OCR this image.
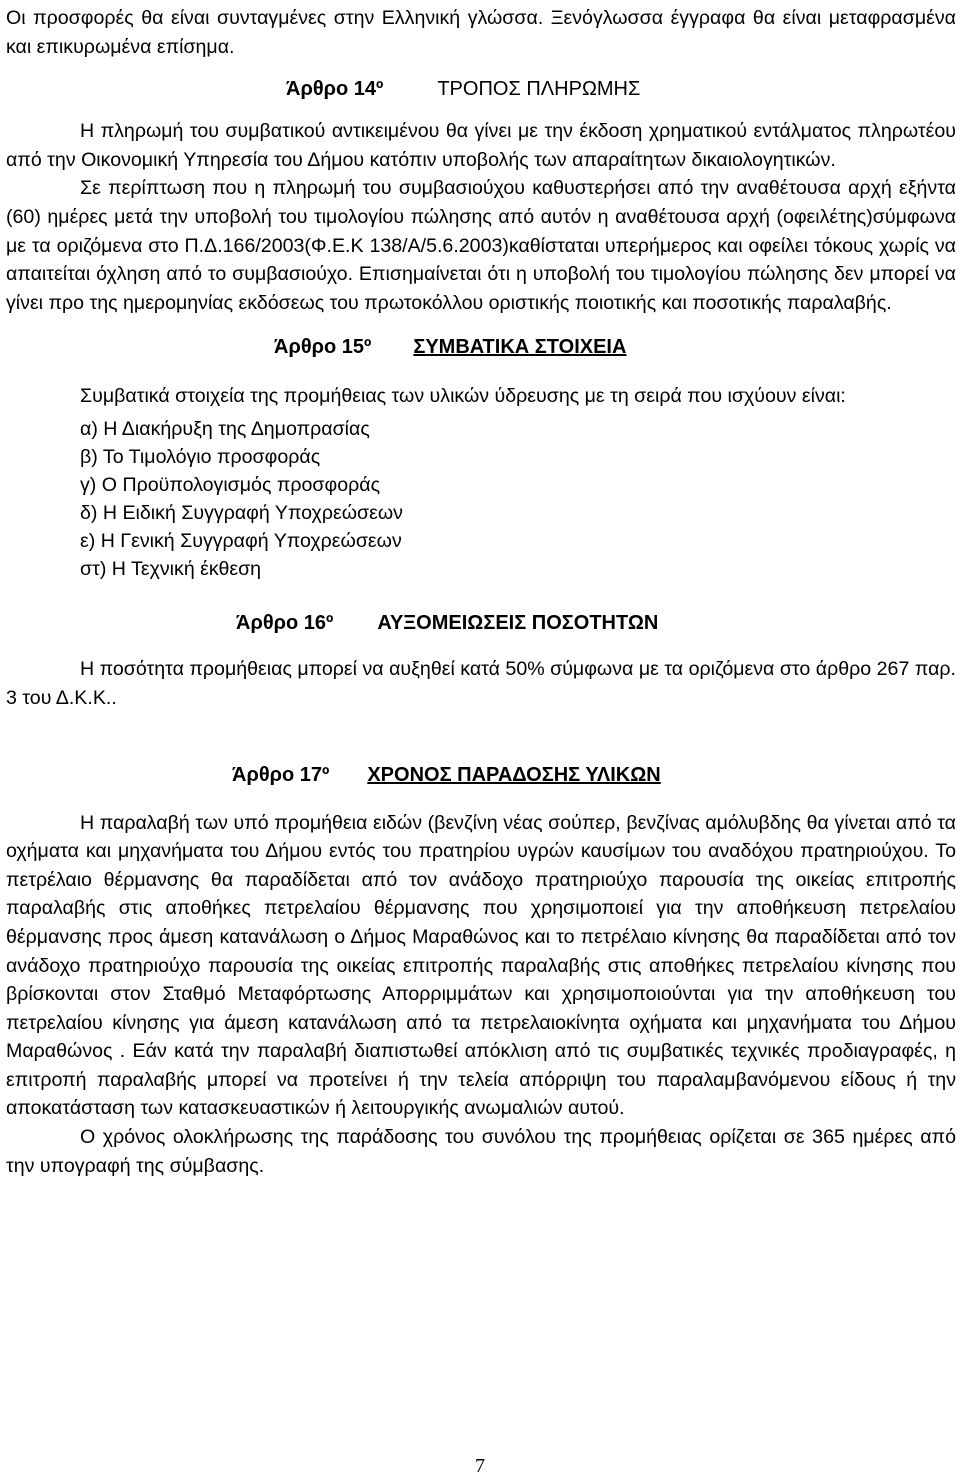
Οι προσφορές θα είναι συνταγμένες στην Ελληνική γλώσσα. Ξενόγλωσσα έγγραφα θα είναι μεταφρασμένα και επικυρωμένα επίσημα.

Άρθρο 14º	ΤΡΟΠΟΣ ΠΛΗΡΩΜΗΣ

Η πληρωμή του συμβατικού αντικειμένου θα γίνει με την έκδοση χρηματικού εντάλματος πληρωτέου από την Οικονομική Υπηρεσία του Δήμου κατόπιν υποβολής των απαραίτητων δικαιολογητικών.

Σε περίπτωση που η πληρωμή του συμβασιούχου καθυστερήσει από την αναθέτουσα αρχή εξήντα (60) ημέρες μετά την υποβολή του τιμολογίου πώλησης από αυτόν η αναθέτουσα αρχή (οφειλέτης)σύμφωνα με τα οριζόμενα στο Π.Δ.166/2003(Φ.Ε.Κ 138/Α/5.6.2003)καθίσταται υπερήμερος και οφείλει τόκους χωρίς να απαιτείται όχληση από το συμβασιούχο. Επισημαίνεται ότι η υποβολή του τιμολογίου πώλησης δεν μπορεί να γίνει προ της ημερομηνίας εκδόσεως του πρωτοκόλλου οριστικής ποιοτικής και ποσοτικής παραλαβής.

Άρθρο 15º ΣΥΜΒΑΤΙΚΑ ΣΤΟΙΧΕΙΑ

Συμβατικά στοιχεία της προμήθειας των υλικών ύδρευσης με τη σειρά που ισχύουν είναι:

α) Η Διακήρυξη της Δημοπρασίας
β) Το Τιμολόγιο προσφοράς
γ) Ο Προϋπολογισμός προσφοράς
δ) Η Ειδική Συγγραφή Υποχρεώσεων
ε) Η Γενική Συγγραφή Υποχρεώσεων
στ) Η Τεχνική έκθεση
Άρθρο 16º ΑΥΞΟΜΕΙΩΣΕΙΣ ΠΟΣΟΤΗΤΩΝ

Η ποσότητα προμήθειας μπορεί να αυξηθεί κατά 50% σύμφωνα με τα οριζόμενα στο άρθρο 267 παρ. 3 του Δ.Κ.Κ..

Άρθρο 17º ΧΡΟΝΟΣ ΠΑΡΑΔΟΣΗΣ ΥΛΙΚΩΝ

Η παραλαβή των υπό προμήθεια ειδών (βενζίνη νέας σούπερ, βενζίνας αμόλυβδης θα γίνεται από τα οχήματα και μηχανήματα του Δήμου εντός του πρατηρίου υγρών καυσίμων του αναδόχου πρατηριούχου. Το πετρέλαιο θέρμανσης θα παραδίδεται από τον ανάδοχο πρατηριούχο παρουσία της οικείας επιτροπής παραλαβής στις αποθήκες πετρελαίου θέρμανσης που χρησιμοποιεί για την αποθήκευση πετρελαίου θέρμανσης προς άμεση κατανάλωση ο Δήμος Μαραθώνος και το πετρέλαιο κίνησης θα παραδίδεται από τον ανάδοχο πρατηριούχο παρουσία της οικείας επιτροπής παραλαβής στις αποθήκες πετρελαίου κίνησης που βρίσκονται στον Σταθμό Μεταφόρτωσης Απορριμμάτων και χρησιμοποιούνται για την αποθήκευση του πετρελαίου κίνησης για άμεση κατανάλωση από τα πετρελαιοκίνητα οχήματα και μηχανήματα του Δήμου Μαραθώνος . Εάν κατά την παραλαβή διαπιστωθεί απόκλιση από τις συμβατικές τεχνικές προδιαγραφές, η επιτροπή παραλαβής μπορεί να προτείνει ή την τελεία απόρριψη του παραλαμβανόμενου είδους ή την αποκατάσταση των κατασκευαστικών ή λειτουργικής ανωμαλιών αυτού.

Ο χρόνος ολοκλήρωσης της παράδοσης του συνόλου της προμήθειας ορίζεται σε 365 ημέρες από την υπογραφή της σύμβασης.

7
